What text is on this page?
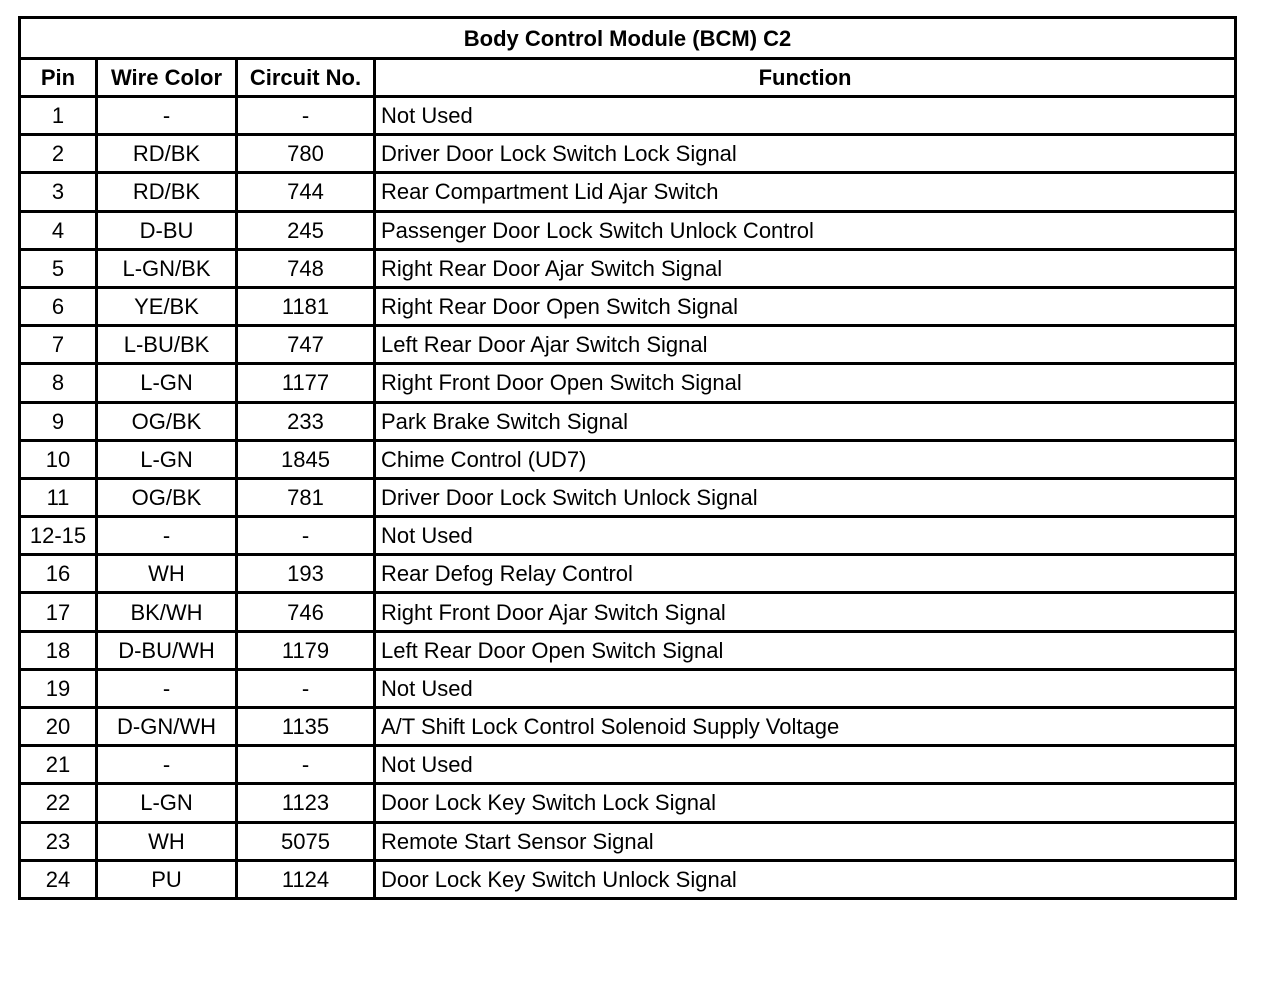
Body Control Module (BCM) C2			
Pin	Wire Color	Circuit No.	Function
1	-	-	Not Used
2	RD/BK	780	Driver Door Lock Switch Lock Signal
3	RD/BK	744	Rear Compartment Lid Ajar Switch
4	D-BU	245	Passenger Door Lock Switch Unlock Control
5	L-GN/BK	748	Right Rear Door Ajar Switch Signal
6	YE/BK	1181	Right Rear Door Open Switch Signal
7	L-BU/BK	747	Left Rear Door Ajar Switch Signal
8	L-GN	1177	Right Front Door Open Switch Signal
9	OG/BK	233	Park Brake Switch Signal
10	L-GN	1845	Chime Control (UD7)
11	OG/BK	781	Driver Door Lock Switch Unlock Signal
12-15	-	-	Not Used
16	WH	193	Rear Defog Relay Control
17	BK/WH	746	Right Front Door Ajar Switch Signal
18	D-BU/WH	1179	Left Rear Door Open Switch Signal
19	-	-	Not Used
20	D-GN/WH	1135	A/T Shift Lock Control Solenoid Supply Voltage
21	-	-	Not Used
22	L-GN	1123	Door Lock Key Switch Lock Signal
23	WH	5075	Remote Start Sensor Signal
24	PU	1124	Door Lock Key Switch Unlock Signal
